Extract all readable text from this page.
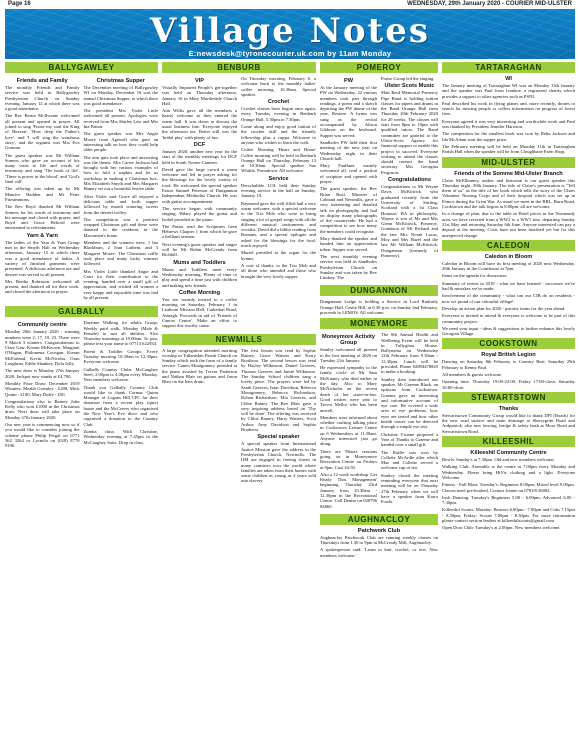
Page 16	WEDNESDAY, 29th January 2020 - COURIER MID-ULSTER
Village Notes
E:newsdesk@tyronecourier.uk.com by 11am Monday
BALLYGAWLEY
Friends and Family

The monthly Friends and Family service was held in Ballygawley Presbyterian Church on Sunday evening, January 12 at which there was a good attendance.

The Rev Bertie McIlwaine welcomed all present and opened in prayer. All joined to sing 'Praise my soul the King of Heaven', 'How deep the Father's love', and 'I will sing the wondrous story', and the organist was Mrs Eva Gorman.

The guest speaker was Mr William Somers who gave an account of his many visits to life and words of testimony and sang 'The hook of life', 'There is power in the blood', and 'God's final call'.

The offering was taken up by Mr Maurice Hadden and Mr Peter Fitzsimmons.

The Rev Boyd thanked Mr William Somers for his words of testimony and his message and closed with prayer, and Boyd and Grace Beltord were entertained to refreshments.

Yarn & Yarn

The ladies of the Yarn & Yarn Group met in the Smyth Hall on Wednesday afternoon, January 15 at which there was a good attendance of ladies. A variety of finished garments were presented. A delicious afternoon tea and dessert was served to all present.

Mrs Bertha Robinson welcomed all present, and thanked all for their work, and closed the afternoon in prayer.

Christmas Supper

The December meeting of Ballygawley WI on Monday, December 16 was the annual Christmas Supper, at which there was good attendance.

The president Mrs Violet Little welcomed all present. Apologies were received from Mrs Shirley Law and Mrs Ina Patton.

The guest speaker was Mrs Angie Moore from Agewell who gave an interesting talk on how they could help older people.

The aim quiz took place and answering was the theme. Mrs Carrie Jackson had brought with her various examples of how to fold a napkin and let us workshop in making a Christmas box. Mrs Elizabeth Smyth and Mrs Margaret Hamey set out a beautiful festive table.

After Violet said Grace all enjoyed a delicious table and forth supper followed by mouth watering sweets from the dessert trolley.

The competition was a prettiest wrapped Christmas gift and these were donated to the residents in the Macarmen's home.

Members and the winners were, 1 Ina Blackburn, 2 Joan Lathem, and 3 Margaret Moore. The Christmas raffle took place and many lucky winners followed.

Mrs Violet Little thanked Angie and Carri for their contribution to the evening, handed over a small gift of appreciation, and wished all women a very happy and enjoyable time was had by all present.

GALBALLY
Community centre

Monday 20th January 2020 - winning numbers were 2, 17, 19, 23. There were 9 Match 3 winners. Congratulations to Clare Garr, Kieran McKeown, Margaret O'Hagan, Philomena Corrigan, Kieran McFarland, Kevin McNicolas, Oran Loughran, Eddie Shankey, Dola Jolly.

The next draw is Monday 27th January 2020. Jackpot now stands at £4,700.

Monthly Prize Draw: December 2019 Winners: Meabh Gormley - £200, Mick Quinn - £100, Mary Duffy - £50.

Congratulations also to Barney John Kelly who won £1000 in the Christmas draw. Next draw will take place on Monday 27th January 2020.

Our new year is commencing now so if you would like to consider joining the scheme phone Philip Fergal on 0771 362 3264 or Lycnola on (028) 8778 9190.

Daytime Walking for adults Group: Weekly paid walk, Monday (Male & Female) to suit all abilities. Also Thursday mornings at 10.00am. To join, please text your name to 07713 622934.

Parent & Toddler Groups: Every Tuesday morning 10.30am to 12.30pm. Everyone welcome.

Galbally Country Clubs. McCaughey Steel, 2.00pm to 4.00pm every Monday. New members welcome.

Thank you Galbally Country Club would like to thank Cormac Quinn Manager of Logans Hill CPC for their donation from a recent play (quiz) house and the McCreery who organised the New Year's Eve disco and who organised a donation to the Country Club.

Zumba class: With Christine, Wednesday evening at 7.45pm in the McCaughey Suite. Drop in class.

BENBURB
VIP

Visually Impaired People's get-together was held on Thursday afternoon, January 16 in Mary Morthedale Church Hall.

Ann Willis gave all the members a hearty welcome as they entered the warm hall. It was down to discuss the usual business line. Everyone enjoyed the afternoon tea. Better still was the 'bridal play' with plenty of fun.

DCF

January 2020, another new year for the start of the monthly meetings for DCF held in South Tyrone Canteen.

David gave the large crowd a warm welcome and led in prayer asking for the blessings for the lovely variety of food. He welcomed the special speaker Pastor Samuel Peterson of Dungannon Independent Methodist Church. He was with guitar accompaniment.

The service began with community singing. Hilary played the guitar and Isobel presided at the piano.

The Pastor read the Scriptures from Hebrews Chapter 1 from which he gave a brilliant sermon.

Next evening's guest speaker and singer will be Mr Robin McCready from Richhill.

Mums and Toddlers

Mums and Toddlers meet every Wednesday morning. Plenty of time to play and spend a time just with children and making new friends.

Coffee Morning

You are warmly invited to a coffee morning on Saturday, February 1 in Lisdoom Mission Hall, Cathedral Road, Armagh. Proceeds in aid of 'Friends of Cancer Centre'. Make an effort to support this worthy cause.

On Thursday morning, February 6, a welcome back to the monthly ladies' coffee morning, 10.30am. Special speaker.

Crochet

Crochet classes have begun once again, every Tuesday evening in Benburb Orange Hall, 5.30pm to 7.30pm.

Come along and enjoy good tuition of the crochet skill and the friendly fellowship plus a cuppa. Welcome to anyone who wishes to learn the craft.

Coffee Morning 'Heart and Home' Coffee morning will be held in Benburb Orange Hall on Thursday, February 13 at 10.30am. Special speaker Sue Whittle, Portadown. All welcome.

Service

Derryhubble LOL held their Sunday evening service in the hall on Sunday, January 19.

Raymond gave the well filled hall a very warm welcome, with a special welcome to the Trio Mob who were to bring singing a lot of gospel songs with all the different musical instruments and vocalist. David did a biblio reading from Romans, and a special epilogue and asked for the blessings for the food, much enjoyed.

Muriel presided at the organ for the hymns.

A vote of thanks, to the Trio Mob and all those who attended and those who brought the very lovely supper.

NEWMILLS

A large congregation attended morning worship in Tullaniskin Parish Church on Sunday which took the form of a family service. Canon Montgomery presided at the piano assisted by Trevor Patterson and Nathan Blair on guitars and Jason Blair on the bass drum.

The first lesson was read by Sophie Rainey, Grace Watters and Kerry Brodison. The second lesson was read by Hayley Wilkinson, Daniel Greaves, Thomas Greaves and Jamie Wilkinson. The Sunday School children sang a lovely piece. The prayers were led by Sarah Greaves, Isaac Davidson, Rebecca Montgomery, Rebecca Richardson, Rohan Richardson, Mia Greaves, and Chloe Rainey. The Rev Blair gave a very inspiring address based on 'Thy will be done'. The offering was received by Chloe Rainey, Harry Watters, Scott Arthur, Amy Davidson and Sophie Brodison.

Special speaker

A special speaker from International Justice Mission gave the address in the Presbyterian Church, Newmills. The IJM are engaged in freeing slaves in many countries over the world where families are taken from their homes with some children as young as 4 years sold into slavery.

POMEROY
PW

At the January meeting of the PW on Wednesday, 22 various members took part through readings, a poem and a sketch depicting the PW theme of the year, Restore. A hymn was sung as the recital accompanied by Alison Gibbons on the keyboard. Supper was served.

Sandholes PW held their first meeting of the new year on Wednesday night in their Church hall.

Mary Faulkner warmly welcomed all, read a portion of scripture and opened with prayer.

The guest speaker, the Rev Brian Boal, Minister of Cabland and Newmills, gave a very interesting and detailed talk on photography and had on display many photographs of the countryside. He had a competition to see how many the members could recognise.

Mary thanked the speaker and handed him an appreciation token. Supper was served.

The next monthly evening service was held in Sandholes Presbyterian Church on Sunday and was taken by Rev Lindsay. The

Praise Group led the singing.

Ulster Scots Music

Matt Reid Memorial Pomeroy Pipe Band is holding tuition classes for pipers and drums in the Band Orange Hall from Thursday 20th February 2020 for 20 weeks. The classes will start from 8pm to 10pm with qualified tutors. The Band committee are grateful to the Ulster-Scots Agency for financial support to enable this project to succeed. Everyone wishing to attend the classes should contact the band secretary Mrs Georgina Ferguson.

Congratulations

Congratulations to Mr Wayne Davis McKittrick who graduated recently from the University of Stirling, Scotland with a 1st Class Honours' BA in philosophy. Wayne is son of Mr and Mrs Glenn McKittrick, Pomeroy. Grandson of Mr Richard and the late Mrs Norah Lucas, Moy and Mrs Hazel and the late Mr William McKittrick, Dungannon (formerly of Pomeroy).

DUNGANNON

Dungannon Lodge is holding a Service in Lord Ranfurly Orange Hall, Castle Hill, at 6.30 p.m. on Sunday 2nd February, proceeds to LEMOS. All welcome.

MONEYMORE
Moneymore Activity Group

Stanley welcomed all present to the first meeting of 2020 on Tuesday 21st January.

He expressed sympathy to the family circle of Mr Sam McKinney who died earlier in the day. Also to Mary McNicholas on the recent death of her sister-in-law. Good wishes were sent to Trevor Mellor who has been unwell.

Members were informed about whether crafting talking place in Cookstown Leisure Centre on 6 Wednesdays at 11.30am. Anyone interested just go along.

There are Pilates sessions going on in Moneymore Recreation Centre on Fridays at 9pm. Cost £4.50.

Also a 12 week workshop 'Get Ready Thru Management' beginning Thursday 23rd January from 10.30am - 12.30pm in the Recreational Centre. Call Denise on 028796 84860.

The 8th Annual Health and Wellbeing Event will be held in Tullyglass House, Ballymena on Wednesday 12th February from 9.30am - 12.30pm. Lunch will be provided. Phone 02894478845 to make a booking.

Stanley then introduced our speaker, Mr Graeme Black, an optician from Cookstown. Graeme gave an interesting and informative account of eye care. He covered a wide area of eye problems, how eyes are tested and how other health issues can be detected through a simple eye test.

Christine Vsoane proposed a Vote of Thanks to Graeme and handed over a small gift.

The Raffle was won by Collette McArdle after which Mae and Collette served a welcome cup of tea.

Stanley closed the meeting reminding everyone that next meeting will be on Thursday 27th February when we will have a speaker from Karro Foods.

AUGHNACLOY
Patchwork Club

Aughnacloy Patchwork Club are running weekly classes on Thursdays from 1.30 to 9pm at McCready Mill, Aughnacloy.

A spokesperson said: 'Learn to knit, crochet, or sew. New members welcome.'

TARTARAGHAN
WI

The January meeting of Tartaraghan WI was on Monday 13th January and the speaker was Paul from Ivanhoe, a registered charity which provides a support to other agencies such as PSNI.

Paul described his work in flying planes and, more recently, drones to search for missing people or collect information on progress of forest fires.

Everyone agreed it was very interesting and worthwhile work and Paul was thanked by President Jennifer Harrison.

The competition for the smallest book was won by Rebu Jackson and Ida McAdam won the supper prize.

The February meeting will be held on Monday 11th in Tartaraghan Parish Hall when the speaker will be from Cloughbane Farm Shop.

MID-ULSTER
Friends of the Somme Mid-Ulster Branch

Claire McElhinney, author and historian is our guest speaker this Thursday night, 30th January. The title of Claire's presentation is "Tell them of us" as the title of her book which tells the story of the Ulster Volunteer Nursing Corps and of their hospital which was set up in France during the Great War. As usual we meet in the RBL, Burn Road, Cookstown and the talk begins at 8.00pm, all are welcome.

In a change of plan, due to the table in Hotel prices in the Normandy area, we have reverted from a WW2 to a WW1 tour, departing Sunday 31st May and returning Saturday 6th June. Anyone interested can pay a deposit at the meeting. Costs have not been finalised yet but for this unexpected change.

CALEDON
Caledon in Bloom

Caledon in Bloom will have its first meeting of 2020 next Wednesday, 29th January in the Courthouse at 7pm.

Items on the agenda for discussion:

Summary of events in 2019 - what we have learned - successes we've had & mistakes we've made.

Involvement of the community - what can our CIB do on residents - now we proud of our colourful village!

Develop an action plan for 2020 - priority items for the year ahead.

Everyone is invited to attend & everyone is welcome to be part of this community project.

We need your input - ideas & suggestions to further enhance this lovely Georgian Village.

COOKSTOWN
Royal British Legion

Dancing on Saturday 8th February to Country Beat. Saturday 29th February to Kenny Paul.

All members & guests welcome.

Opening time: Thursday 19:00-23:00, Friday 17:00-close, Saturday 16:00-close.

STEWARTSTOWN
Thanks

Stewartstown Community Group would like to thank DFI (Roads) for the new road surface and main drainage at Sherrygrim Road and Ardpatrick, also new fencing, bridge & safety bush at Moor Road and Stewartstown Road.

KILLEESHIL
Killeeshil Community Centre

Bowls: Sunday's at 7.30pm. Old and new members welcome.

Walking Club: Assemble at the centre at 7.00pm every Monday and Wednesday. Please bring HiVis clothing and a light. Everyone Welcome.

Fitness - Full Blast: Tuesday's: Beginners 8.00pm; Mixed level 9.00pm. Classes need pre-booked, Contact Jonnie on 07818136082.

Irish Dancing: Tuesday's Beginners 5.00 - 6.00pm; Advanced 6.00 - 7.30pm.

Killeeshil Scouts: Monday: Beavers 6.00pm - 7.00pm and Cubs 7.15pm - 8.30pm, Friday: Scouts 7.00pm - 8.30pm. For more information please contact section leaders at killeeshilscouts@gmail.com

Open Door Club: Tuesday's at 2.00pm. New members welcome.
